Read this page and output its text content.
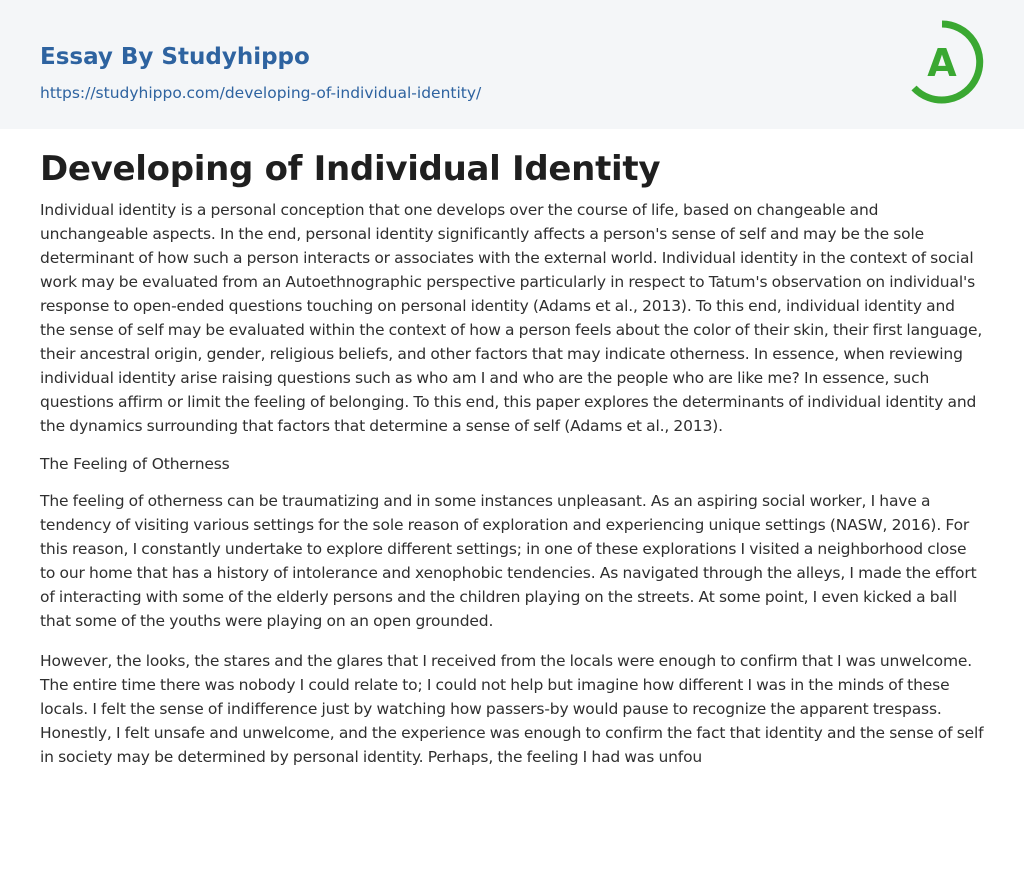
Essay By Studyhippo
https://studyhippo.com/developing-of-individual-identity/
A
Developing of Individual Identity

Individual identity is a personal conception that one develops over the course of life, based on changeable and unchangeable aspects. In the end, personal identity significantly affects a person's sense of self and may be the sole determinant of how such a person interacts or associates with the external world. Individual identity in the context of social work may be evaluated from an Autoethnographic perspective particularly in respect to Tatum's observation on individual's response to open-ended questions touching on personal identity (Adams et al., 2013). To this end, individual identity and the sense of self may be evaluated within the context of how a person feels about the color of their skin, their first language, their ancestral origin, gender, religious beliefs, and other factors that may indicate otherness. In essence, when reviewing individual identity arise raising questions such as who am I and who are the people who are like me? In essence, such questions affirm or limit the feeling of belonging. To this end, this paper explores the determinants of individual identity and the dynamics surrounding that factors that determine a sense of self (Adams et al., 2013).

The Feeling of Otherness

The feeling of otherness can be traumatizing and in some instances unpleasant. As an aspiring social worker, I have a tendency of visiting various settings for the sole reason of exploration and experiencing unique settings (NASW, 2016). For this reason, I constantly undertake to explore different settings; in one of these explorations I visited a neighborhood close to our home that has a history of intolerance and xenophobic tendencies. As navigated through the alleys, I made the effort of interacting with some of the elderly persons and the children playing on the streets. At some point, I even kicked a ball that some of the youths were playing on an open grounded.

However, the looks, the stares and the glares that I received from the locals were enough to confirm that I was unwelcome. The entire time there was nobody I could relate to; I could not help but imagine how different I was in the minds of these locals. I felt the sense of indifference just by watching how passers-by would pause to recognize the apparent trespass. Honestly, I felt unsafe and unwelcome, and the experience was enough to confirm the fact that identity and the sense of self in society may be determined by personal identity. Perhaps, the feeling I had was unfou
